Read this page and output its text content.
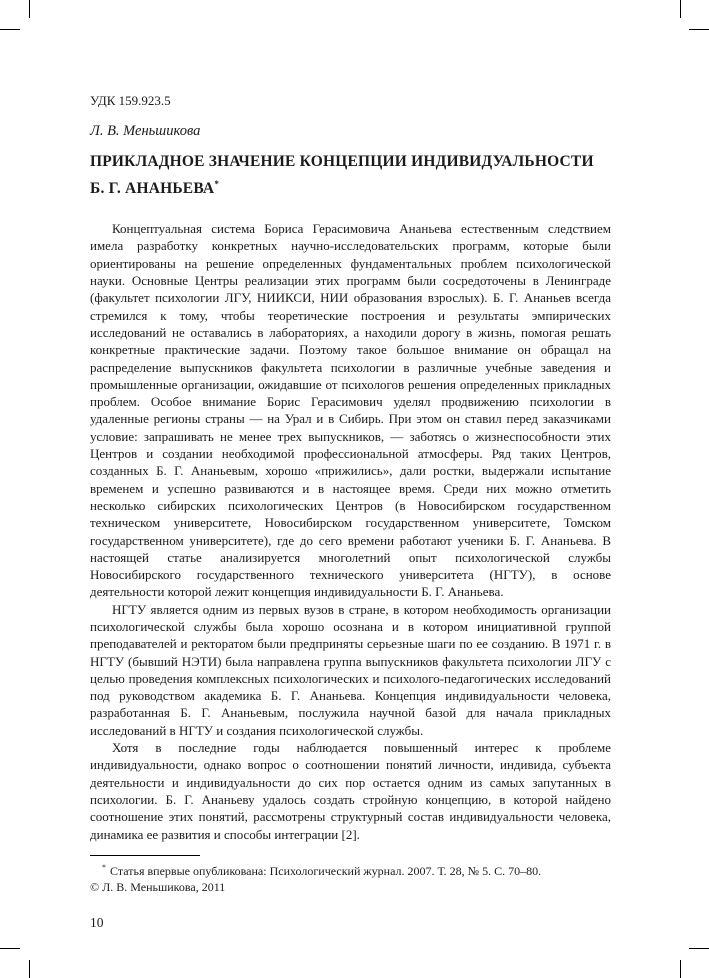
УДК 159.923.5
Л. В. Меньшикова
ПРИКЛАДНОЕ ЗНАЧЕНИЕ КОНЦЕПЦИИ ИНДИВИДУАЛЬНОСТИ
Б. Г. АНАНЬЕВА*

Концептуальная система Бориса Герасимовича Ананьева естественным следствием имела разработку конкретных научно-исследовательских программ, которые были ориентированы на решение определенных фундаментальных проблем психологической науки. Основные Центры реализации этих программ были сосредоточены в Ленинграде (факультет психологии ЛГУ, НИИКСИ, НИИ образования взрослых). Б. Г. Ананьев всегда стремился к тому, чтобы теоретические построения и результаты эмпирических исследований не оставались в лабораториях, а находили дорогу в жизнь, помогая решать конкретные практические задачи. Поэтому такое большое внимание он обращал на распределение выпускников факультета психологии в различные учебные заведения и промышленные организации, ожидавшие от психологов решения определенных прикладных проблем. Особое внимание Борис Герасимович уделял продвижению психологии в удаленные регионы страны — на Урал и в Сибирь. При этом он ставил перед заказчиками условие: запрашивать не менее трех выпускников, — заботясь о жизнеспособности этих Центров и создании необходимой профессиональной атмосферы. Ряд таких Центров, созданных Б. Г. Ананьевым, хорошо «прижились», дали ростки, выдержали испытание временем и успешно развиваются и в настоящее время. Среди них можно отметить несколько сибирских психологических Центров (в Новосибирском государственном техническом университете, Новосибирском государственном университете, Томском государственном университете), где до сего времени работают ученики Б. Г. Ананьева. В настоящей статье анализируется многолетний опыт психологической службы Новосибирского государственного технического университета (НГТУ), в основе деятельности которой лежит концепция индивидуальности Б. Г. Ананьева.

НГТУ является одним из первых вузов в стране, в котором необходимость организации психологической службы была хорошо осознана и в котором инициативной группой преподавателей и ректоратом были предприняты серьезные шаги по ее созданию. В 1971 г. в НГТУ (бывший НЭТИ) была направлена группа выпускников факультета психологии ЛГУ с целью проведения комплексных психологических и психолого-педагогических исследований под руководством академика Б. Г. Ананьева. Концепция индивидуальности человека, разработанная Б. Г. Ананьевым, послужила научной базой для начала прикладных исследований в НГТУ и создания психологической службы.

Хотя в последние годы наблюдается повышенный интерес к проблеме индивидуальности, однако вопрос о соотношении понятий личности, индивида, субъекта деятельности и индивидуальности до сих пор остается одним из самых запутанных в психологии. Б. Г. Ананьеву удалось создать стройную концепцию, в которой найдено соотношение этих понятий, рассмотрены структурный состав индивидуальности человека, динамика ее развития и способы интеграции [2].

* Статья впервые опубликована: Психологический журнал. 2007. Т. 28, № 5. С. 70–80.
© Л. В. Меньшикова, 2011
10
